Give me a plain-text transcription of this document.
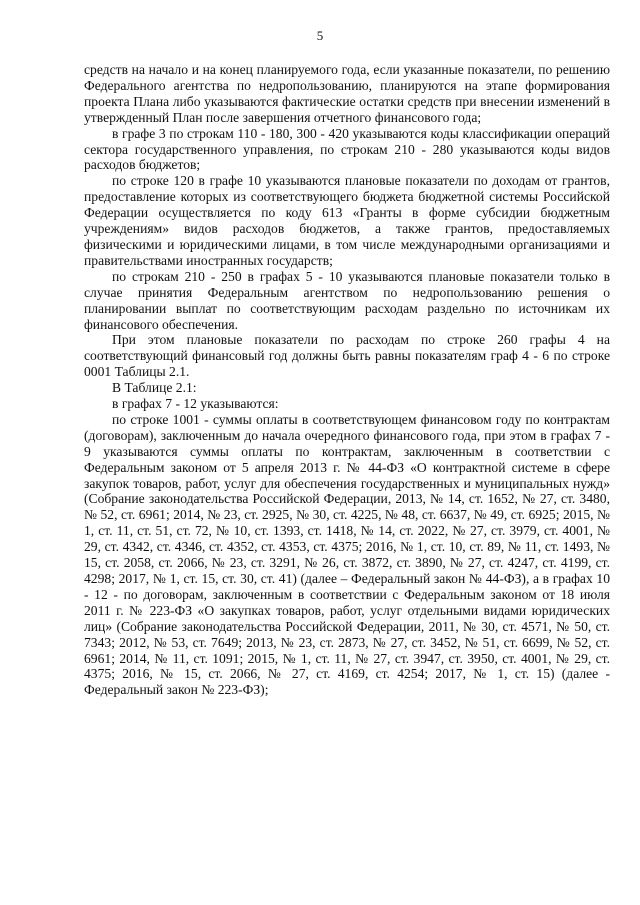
5

средств на начало и на конец планируемого года, если указанные показатели, по решению Федерального агентства по недропользованию, планируются на этапе формирования проекта Плана либо указываются фактические остатки средств при внесении изменений в утвержденный План после завершения отчетного финансового года;

в графе 3 по строкам 110 - 180, 300 - 420 указываются коды классификации операций сектора государственного управления, по строкам 210 - 280 указываются коды видов расходов бюджетов;

по строке 120 в графе 10 указываются плановые показатели по доходам от грантов, предоставление которых из соответствующего бюджета бюджетной системы Российской Федерации осуществляется по коду 613 «Гранты в форме субсидии бюджетным учреждениям» видов расходов бюджетов, а также грантов, предоставляемых физическими и юридическими лицами, в том числе международными организациями и правительствами иностранных государств;

по строкам 210 - 250 в графах 5 - 10 указываются плановые показатели только в случае принятия Федеральным агентством по недропользованию решения о планировании выплат по соответствующим расходам раздельно по источникам их финансового обеспечения.

При этом плановые показатели по расходам по строке 260 графы 4 на соответствующий финансовый год должны быть равны показателям граф 4 - 6 по строке 0001 Таблицы 2.1.

В Таблице 2.1:

в графах 7 - 12 указываются:

по строке 1001 - суммы оплаты в соответствующем финансовом году по контрактам (договорам), заключенным до начала очередного финансового года, при этом в графах 7 - 9 указываются суммы оплаты по контрактам, заключенным в соответствии с Федеральным законом от 5 апреля 2013 г. № 44-ФЗ «О контрактной системе в сфере закупок товаров, работ, услуг для обеспечения государственных и муниципальных нужд» (Собрание законодательства Российской Федерации, 2013, № 14, ст. 1652, № 27, ст. 3480, № 52, ст. 6961; 2014, № 23, ст. 2925, № 30, ст. 4225, № 48, ст. 6637, № 49, ст. 6925; 2015, № 1, ст. 11, ст. 51, ст. 72, № 10, ст. 1393, ст. 1418, № 14, ст. 2022, № 27, ст. 3979, ст. 4001, № 29, ст. 4342, ст. 4346, ст. 4352, ст. 4353, ст. 4375; 2016, № 1, ст. 10, ст. 89, № 11, ст. 1493, № 15, ст. 2058, ст. 2066, № 23, ст. 3291, № 26, ст. 3872, ст. 3890, № 27, ст. 4247, ст. 4199, ст. 4298; 2017, № 1, ст. 15, ст. 30, ст. 41) (далее – Федеральный закон № 44-ФЗ), а в графах 10 - 12 - по договорам, заключенным в соответствии с Федеральным законом от 18 июля 2011 г. № 223-ФЗ «О закупках товаров, работ, услуг отдельными видами юридических лиц» (Собрание законодательства Российской Федерации, 2011, № 30, ст. 4571, № 50, ст. 7343; 2012, № 53, ст. 7649; 2013, № 23, ст. 2873, № 27, ст. 3452, № 51, ст. 6699, № 52, ст. 6961; 2014, № 11, ст. 1091; 2015, № 1, ст. 11, № 27, ст. 3947, ст. 3950, ст. 4001, № 29, ст. 4375; 2016, № 15, ст. 2066, № 27, ст. 4169, ст. 4254; 2017, № 1, ст. 15) (далее - Федеральный закон № 223-ФЗ);
